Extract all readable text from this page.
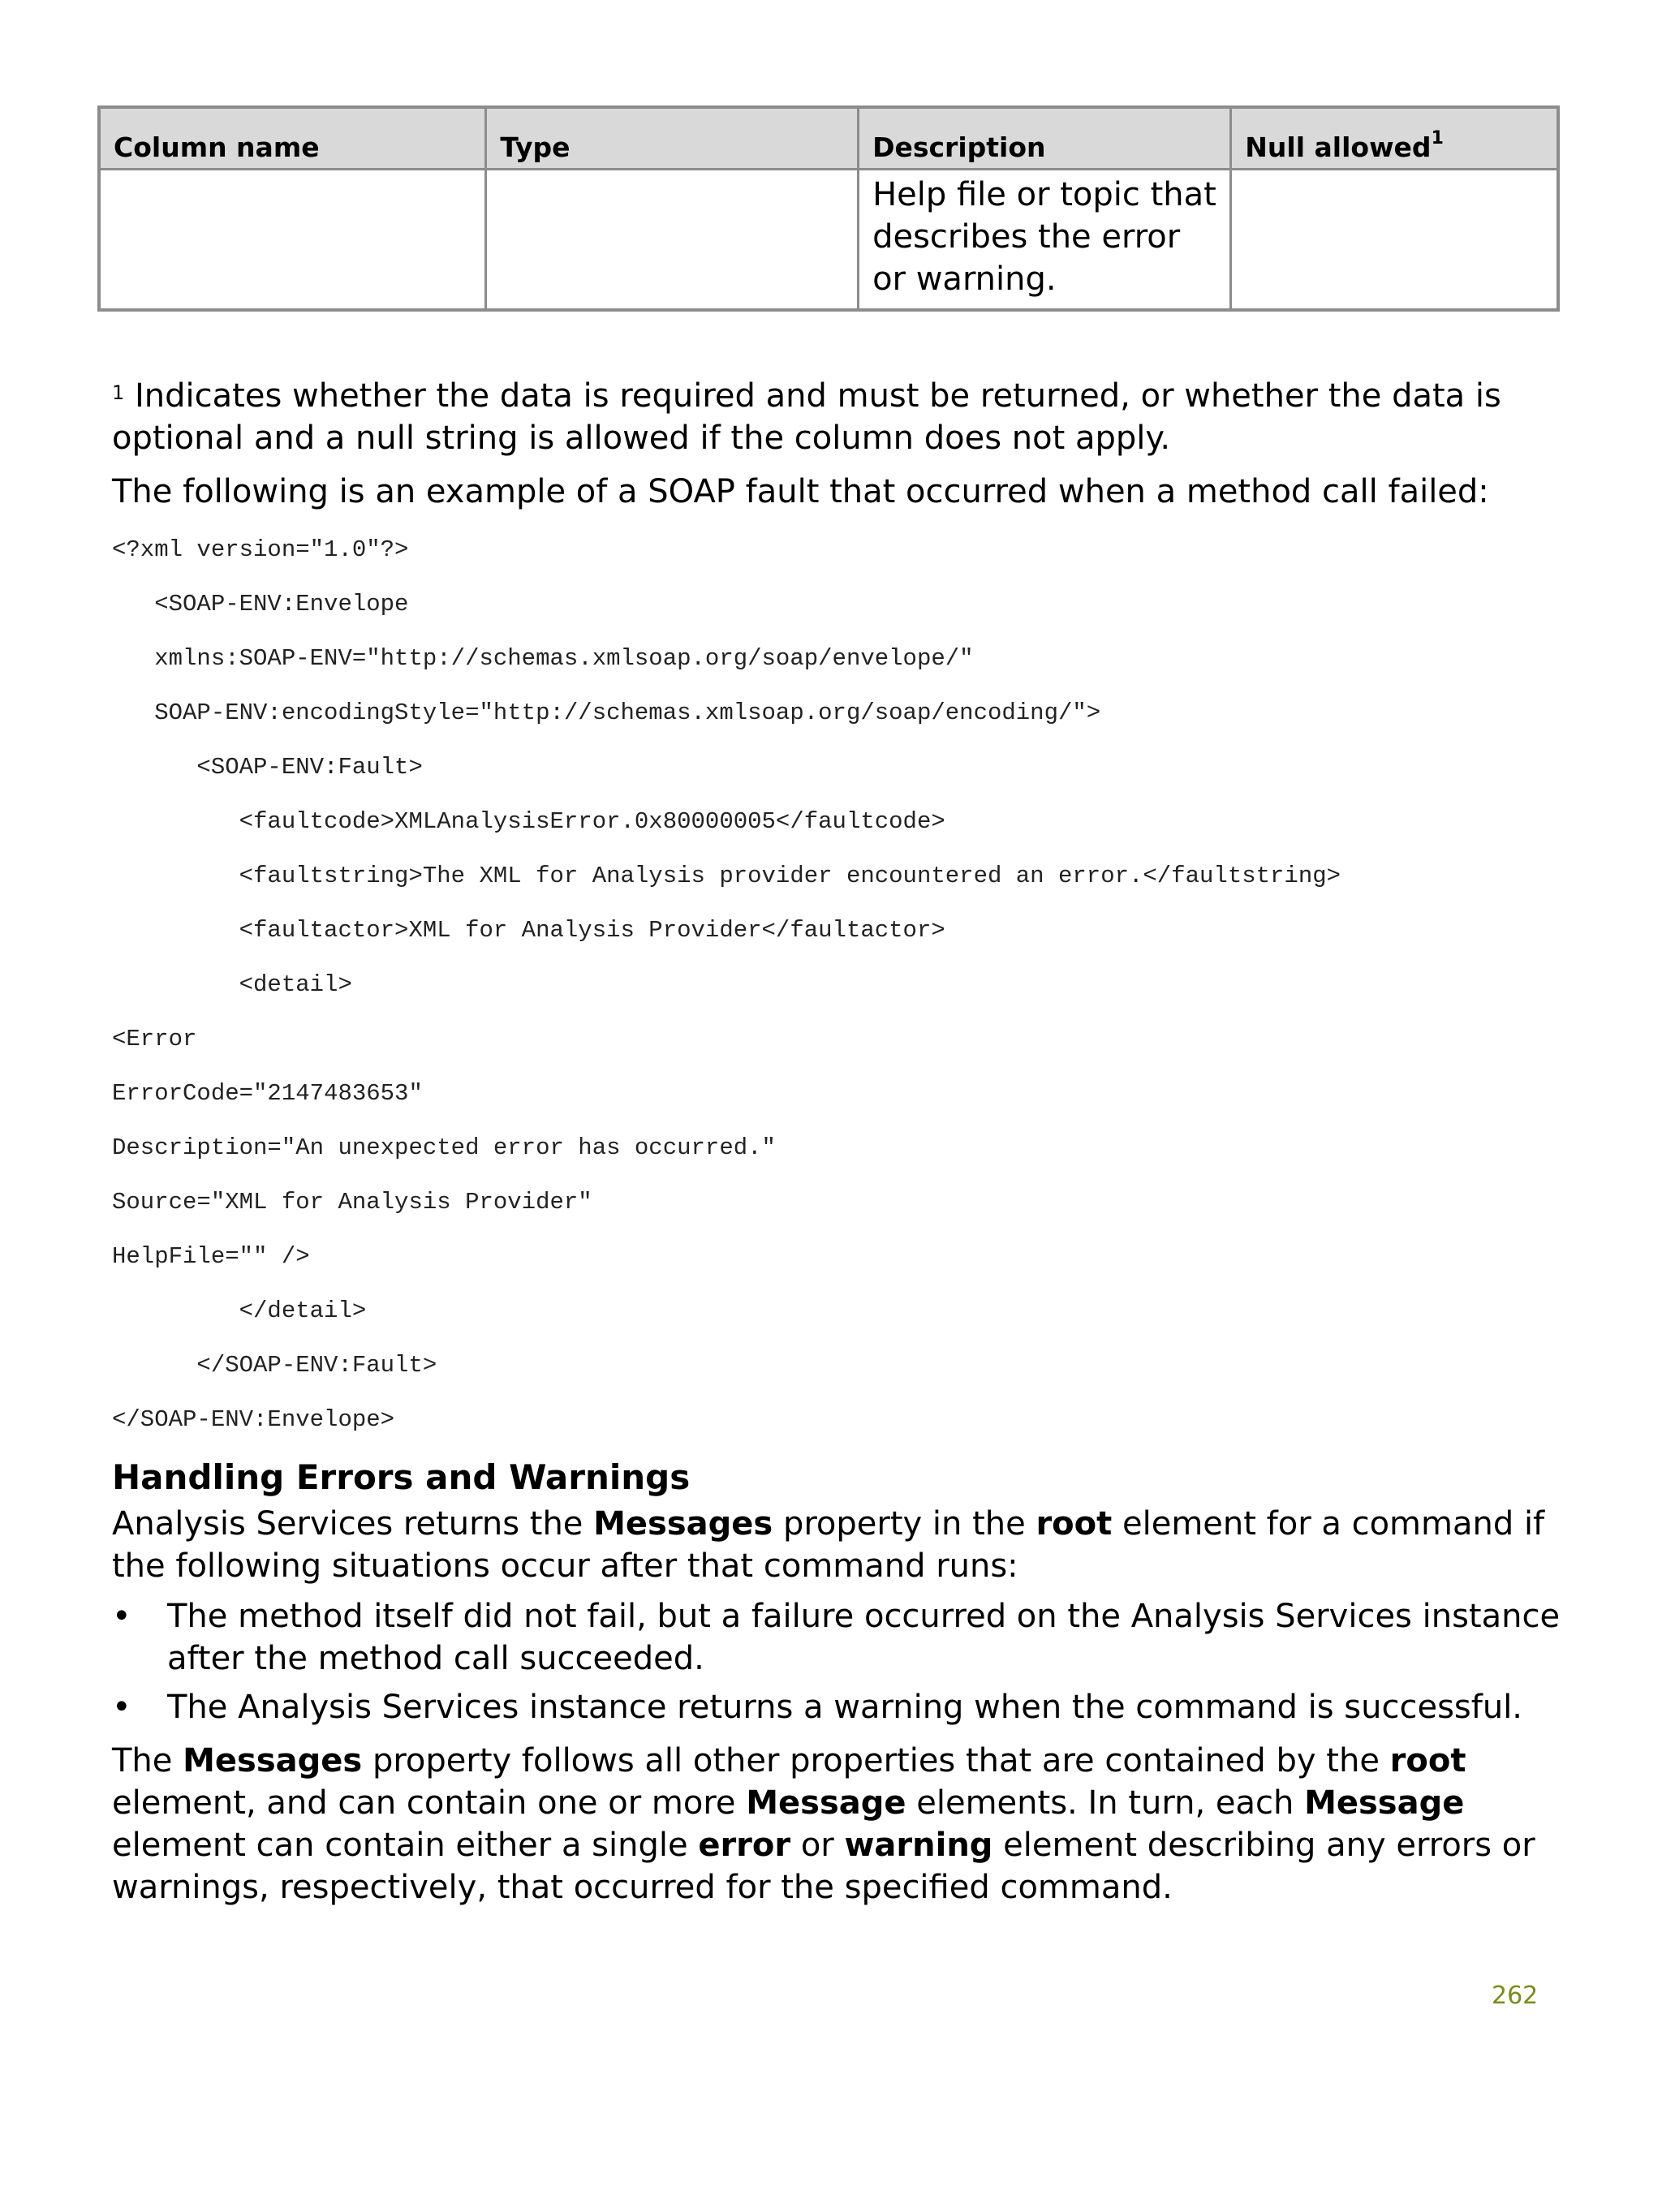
Column name	Type	Description	Null allowed$^1$
		Help file or topic that describes the error or warning.	

$^1$ Indicates whether the data is required and must be returned, or whether the data is optional and a null string is allowed if the column does not apply.

The following is an example of a SOAP fault that occurred when a method call failed:

<?xml version="1.0"?>
<SOAP-ENV:Envelope
xmlns:SOAP-ENV="http://schemas.xmlsoap.org/soap/envelope/"
SOAP-ENV:encodingStyle="http://schemas.xmlsoap.org/soap/encoding/">
<SOAP-ENV:Fault>
<faultcode>XMLAnalysisError.0x80000005</faultcode>
<faultstring>The XML for Analysis provider encountered an error.</faultstring>
<faultactor>XML for Analysis Provider</faultactor>
<detail>
<Error
ErrorCode="2147483653"
Description="An unexpected error has occurred."
Source="XML for Analysis Provider"
HelpFile="" />
</detail>
</SOAP-ENV:Fault>
</SOAP-ENV:Envelope>
Handling Errors and Warnings

Analysis Services returns the Messages property in the root element for a command if the following situations occur after that command runs:

• The method itself did not fail, but a failure occurred on the Analysis Services instance after the method call succeeded.
• The Analysis Services instance returns a warning when the command is successful.

The Messages property follows all other properties that are contained by the root element, and can contain one or more Message elements. In turn, each Message element can contain either a single error or warning element describing any errors or warnings, respectively, that occurred for the specified command.

262
